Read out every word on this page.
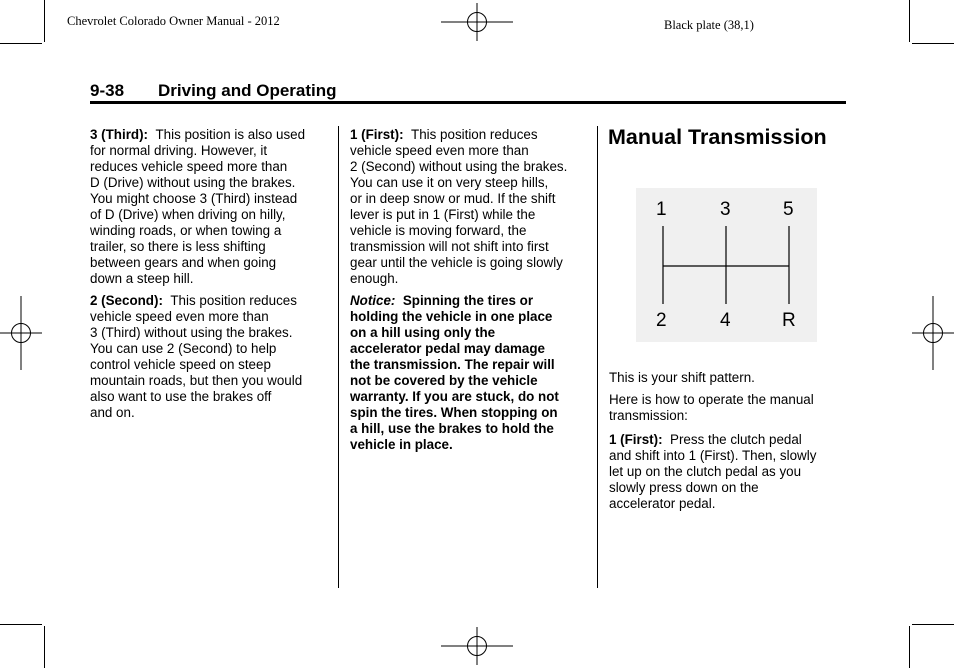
Chevrolet Colorado Owner Manual - 2012	Black plate (38,1)
9-38 Driving and Operating

3 (Third): This position is also used
for normal driving. However, it
reduces vehicle speed more than
D (Drive) without using the brakes.
You might choose 3 (Third) instead
of D (Drive) when driving on hilly,
winding roads, or when towing a
trailer, so there is less shifting
between gears and when going
down a steep hill.

2 (Second): This position reduces
vehicle speed even more than
3 (Third) without using the brakes.
You can use 2 (Second) to help
control vehicle speed on steep
mountain roads, but then you would
also want to use the brakes off
and on.

1 (First): This position reduces
vehicle speed even more than
2 (Second) without using the brakes.
You can use it on very steep hills,
or in deep snow or mud. If the shift
lever is put in 1 (First) while the
vehicle is moving forward, the
transmission will not shift into first
gear until the vehicle is going slowly
enough.

Notice: Spinning the tires or
holding the vehicle in one place
on a hill using only the
accelerator pedal may damage
the transmission. The repair will
not be covered by the vehicle
warranty. If you are stuck, do not
spin the tires. When stopping on
a hill, use the brakes to hold the
vehicle in place.

Manual Transmission
1	3	5
2	4	R

This is your shift pattern.

Here is how to operate the manual
transmission:

1 (First): Press the clutch pedal
and shift into 1 (First). Then, slowly
let up on the clutch pedal as you
slowly press down on the
accelerator pedal.
